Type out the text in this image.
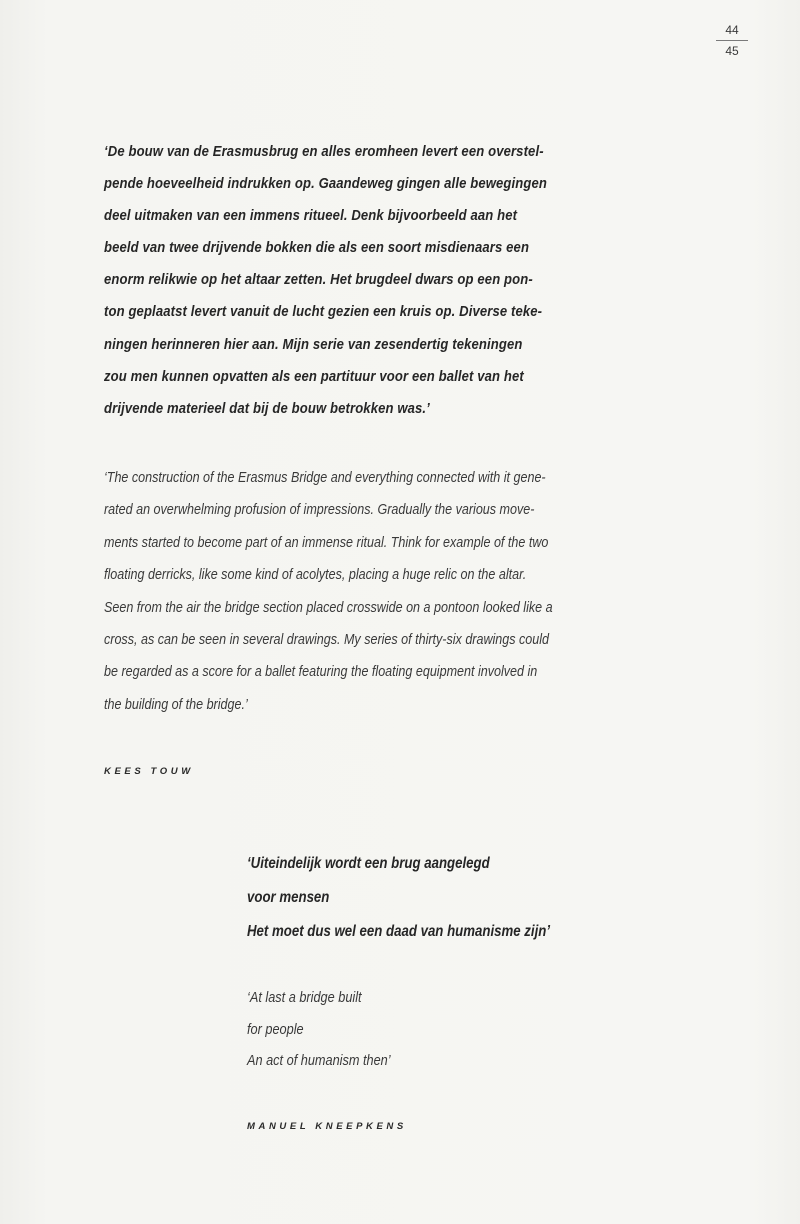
44
45
‘De bouw van de Erasmusbrug en alles eromheen levert een overstel-
pende hoeveelheid indrukken op. Gaandeweg gingen alle bewegingen
deel uitmaken van een immens ritueel. Denk bijvoorbeeld aan het
beeld van twee drijvende bokken die als een soort misdienaars een
enorm relikwie op het altaar zetten. Het brugdeel dwars op een pon-
ton geplaatst levert vanuit de lucht gezien een kruis op. Diverse teke-
ningen herinneren hier aan. Mijn serie van zesendertig tekeningen
zou men kunnen opvatten als een partituur voor een ballet van het
drijvende materieel dat bij de bouw betrokken was.’
‘The construction of the Erasmus Bridge and everything connected with it gene-
rated an overwhelming profusion of impressions. Gradually the various move-
ments started to become part of an immense ritual. Think for example of the two
floating derricks, like some kind of acolytes, placing a huge relic on the altar.
Seen from the air the bridge section placed crosswide on a pontoon looked like a
cross, as can be seen in several drawings. My series of thirty-six drawings could
be regarded as a score for a ballet featuring the floating equipment involved in
the building of the bridge.’
KEES TOUW
‘Uiteindelijk wordt een brug aangelegd
voor mensen
Het moet dus wel een daad van humanisme zijn’
‘At last a bridge built
for people
An act of humanism then’
MANUEL KNEEPKENS
